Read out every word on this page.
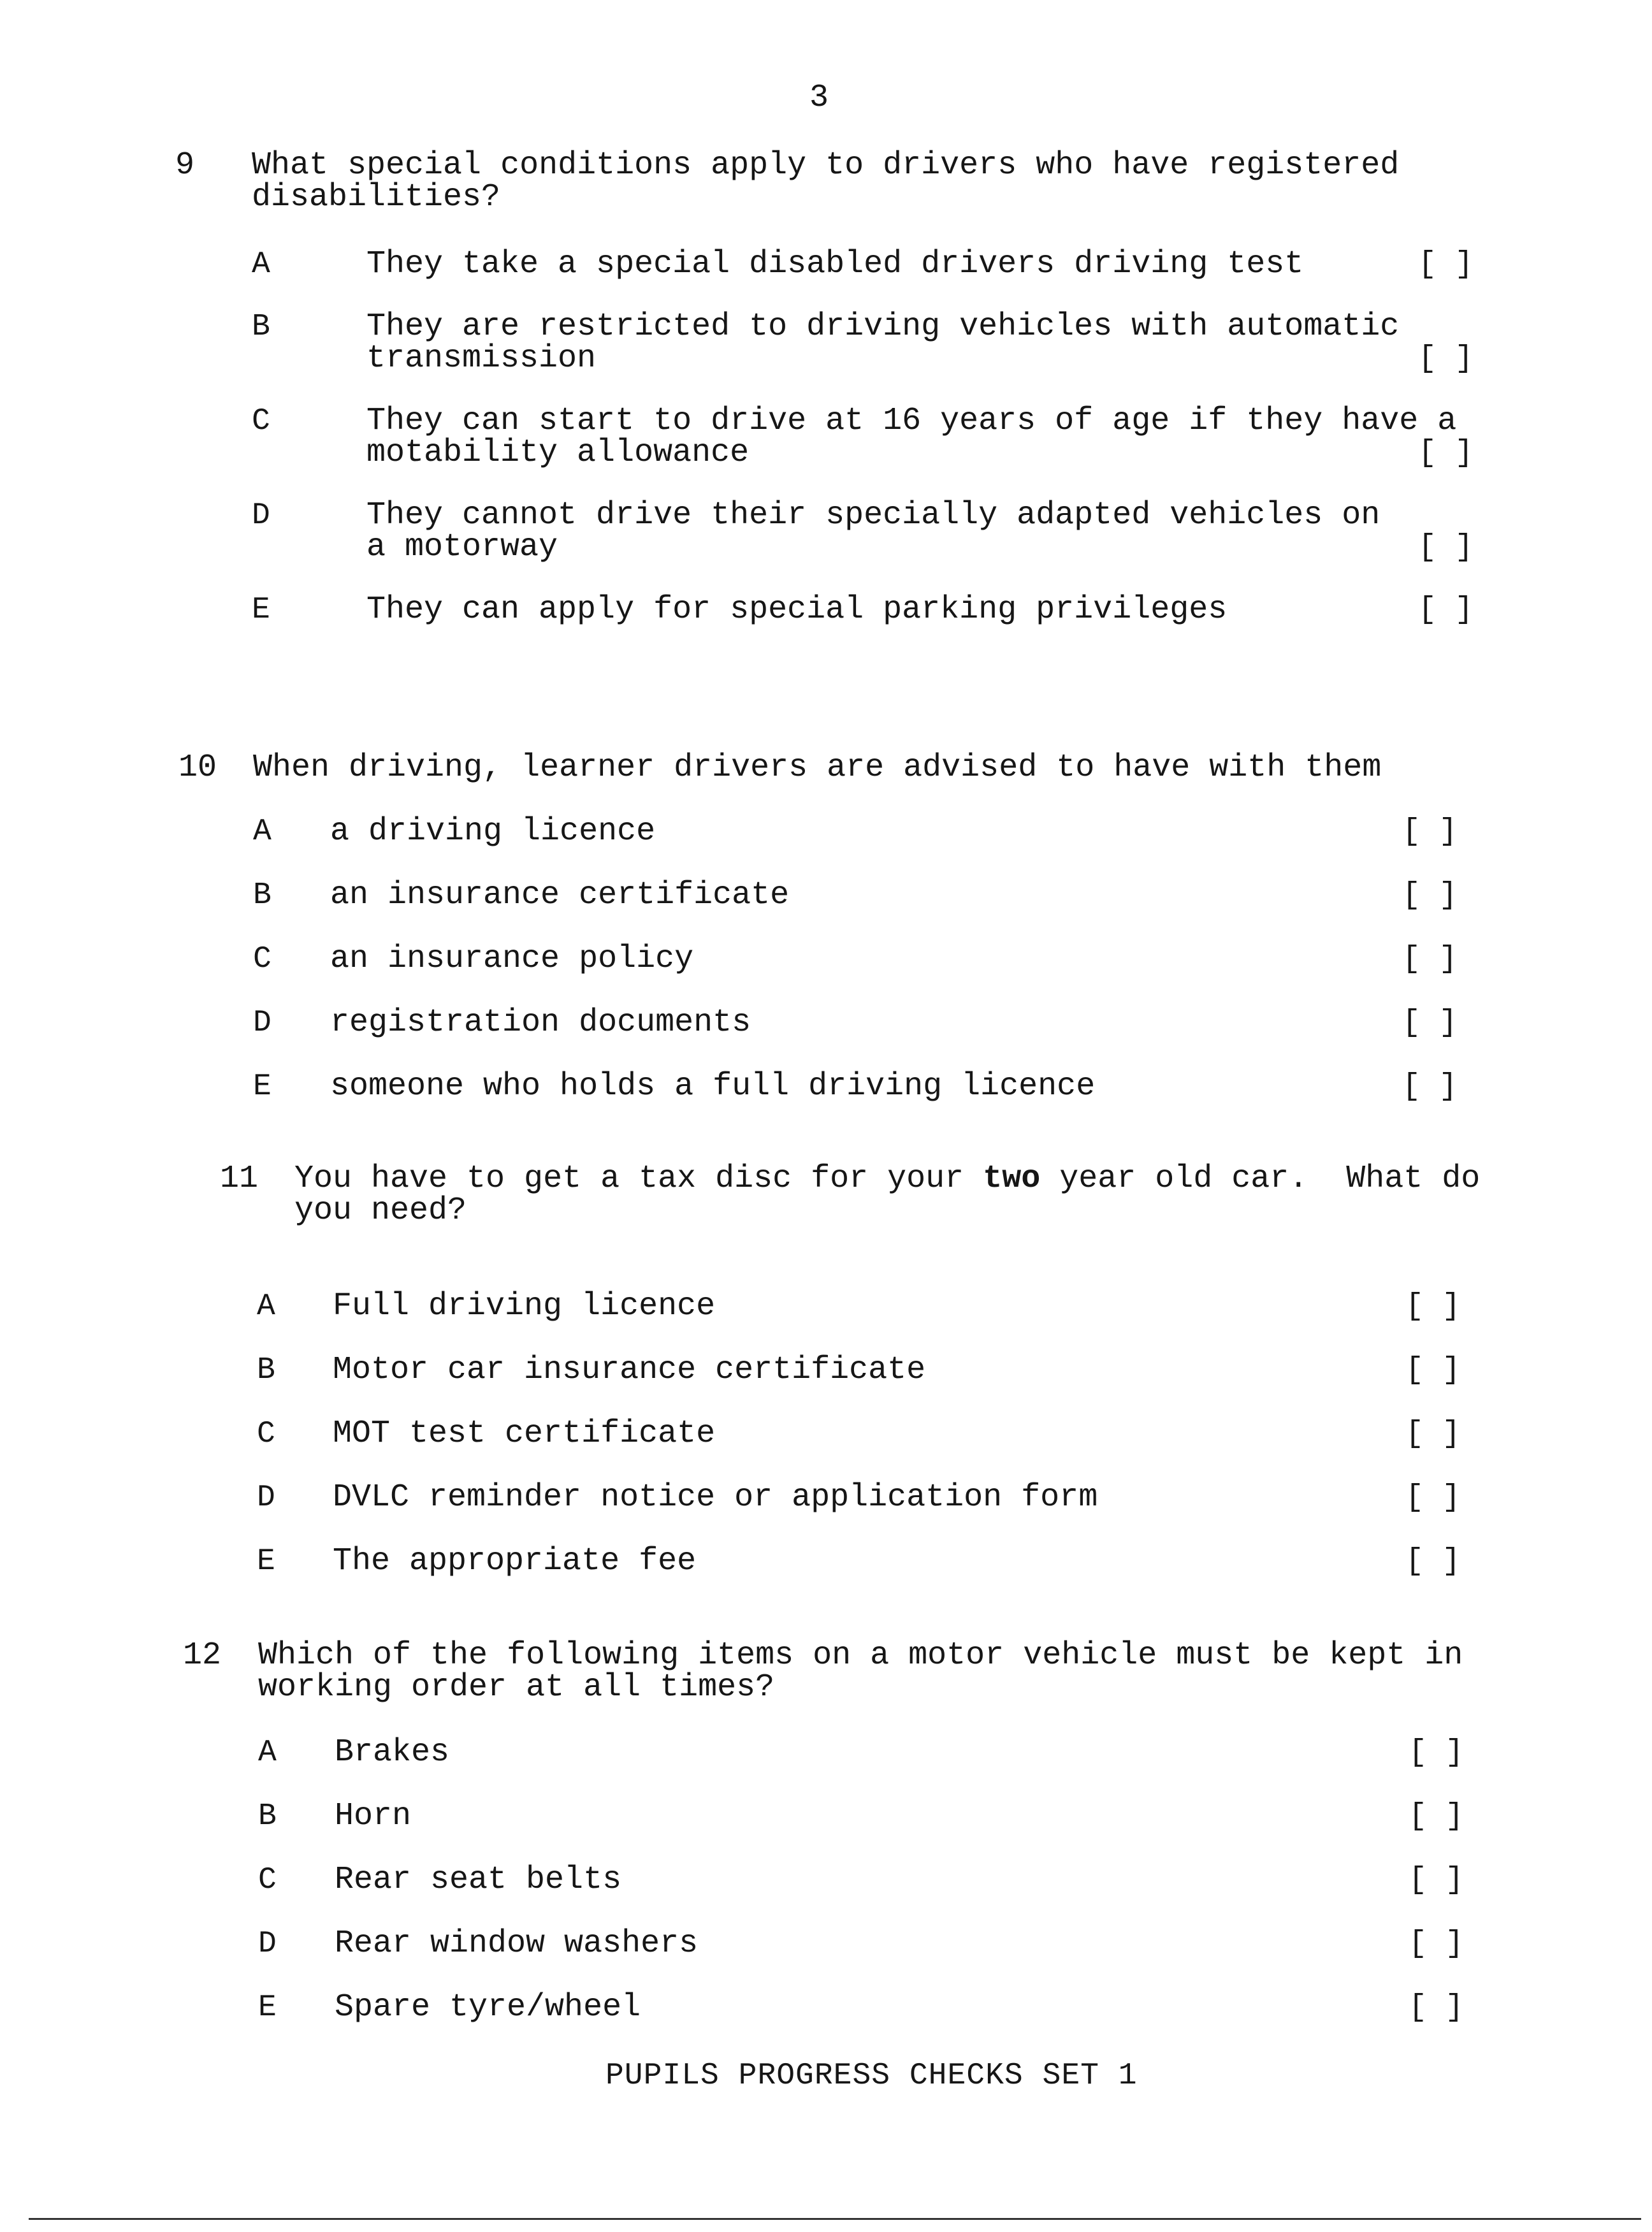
3
9 What special conditions apply to drivers who have registered
disabilities?
A	They take a special disabled drivers driving test	[ ]
B	They are restricted to driving vehicles with automatic
transmission	[ ]
C	They can start to drive at 16 years of age if they have a
motability allowance	[ ]
D	They cannot drive their specially adapted vehicles on
a motorway	[ ]
E	They can apply for special parking privileges	[ ]
10 When driving, learner drivers are advised to have with them
A a driving licence	[ ]
B an insurance certificate	[ ]
C an insurance policy	[ ]
D registration documents	[ ]
E someone who holds a full driving licence	[ ]
11 You have to get a tax disc for your two year old car.  What do
you need?
A Full driving licence	[ ]
B Motor car insurance certificate	[ ]
C MOT test certificate	[ ]
D DVLC reminder notice or application form	[ ]
E The appropriate fee	[ ]
12 Which of the following items on a motor vehicle must be kept in
working order at all times?
A Brakes	[ ]
B Horn	[ ]
C Rear seat belts	[ ]
D Rear window washers	[ ]
E Spare tyre/wheel	[ ]
PUPILS PROGRESS CHECKS SET 1
